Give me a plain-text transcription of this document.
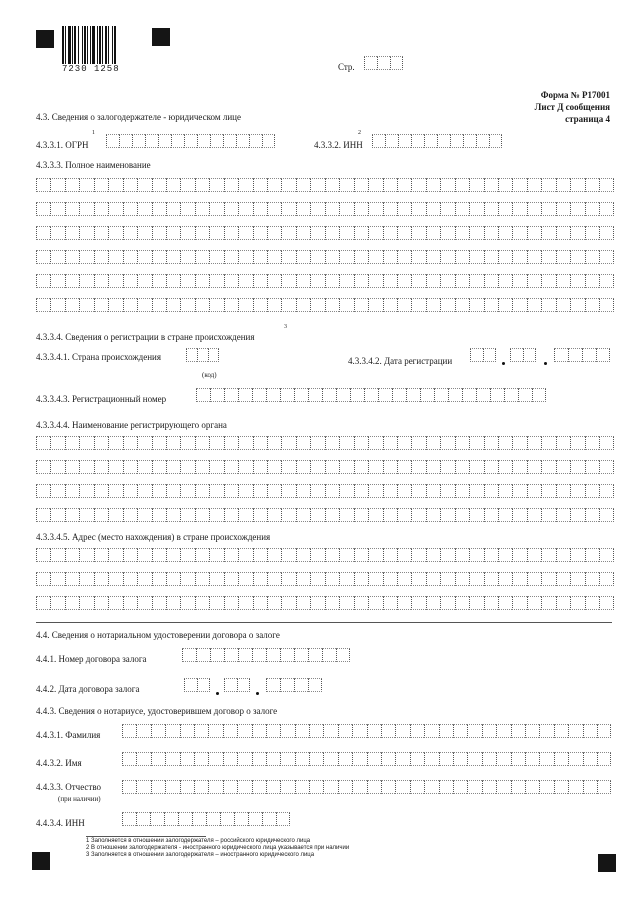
7230 1258	Стр.
Форма № Р17001
Лист Д сообщения
страница 4
4.3. Сведения о залогодержателе - юридическом лице
4.3.3.1. ОГРН
1
4.3.3.2. ИНН
2
4.3.3.3. Полное наименование
4.3.3.4. Сведения о регистрации в стране происхождения
3
4.3.3.4.1. Страна происхождения
(код)
4.3.3.4.2. Дата регистрации
4.3.3.4.3. Регистрационный номер
4.3.3.4.4. Наименование регистрирующего органа
4.3.3.4.5. Адрес (место нахождения) в стране происхождения
4.4. Сведения о нотариальном удостоверении договора о залоге
4.4.1. Номер договора залога
4.4.2. Дата договора залога
4.4.3. Сведения о нотариусе, удостоверившем договор о залоге
4.4.3.1. Фамилия
4.4.3.2. Имя
4.4.3.3. Отчество
(при наличии)
4.4.3.4. ИНН
1 Заполняется в отношении залогодержателя – российского юридического лица
2 В отношении залогодержателя - иностранного юридического лица указывается при наличии
3 Заполняется в отношении залогодержателя – иностранного юридического лица
